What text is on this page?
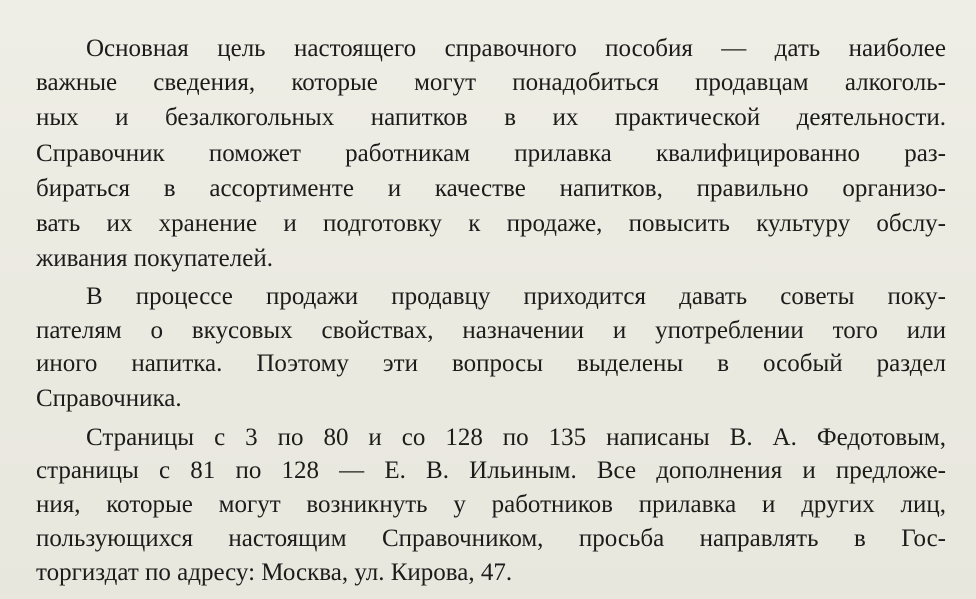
Основная цель настоящего справочного пособия — дать наиболее

важные сведения, которые могут понадобиться продавцам алкоголь-

ных и безалкогольных напитков в их практической деятельности.

Справочник поможет работникам прилавка квалифицированно раз-

бираться в ассортименте и качестве напитков, правильно организо-

вать их хранение и подготовку к продаже, повысить культуру обслу-

живания покупателей.

В процессе продажи продавцу приходится давать советы поку-

пателям о вкусовых свойствах, назначении и употреблении того или

иного напитка. Поэтому эти вопросы выделены в особый раздел

Справочника.

Страницы с 3 по 80 и со 128 по 135 написаны В. А. Федотовым,

страницы с 81 по 128 — Е. В. Ильиным. Все дополнения и предложе-

ния, которые могут возникнуть у работников прилавка и других лиц,

пользующихся настоящим Справочником, просьба направлять в Гос-

торгиздат по адресу: Москва, ул. Кирова, 47.
